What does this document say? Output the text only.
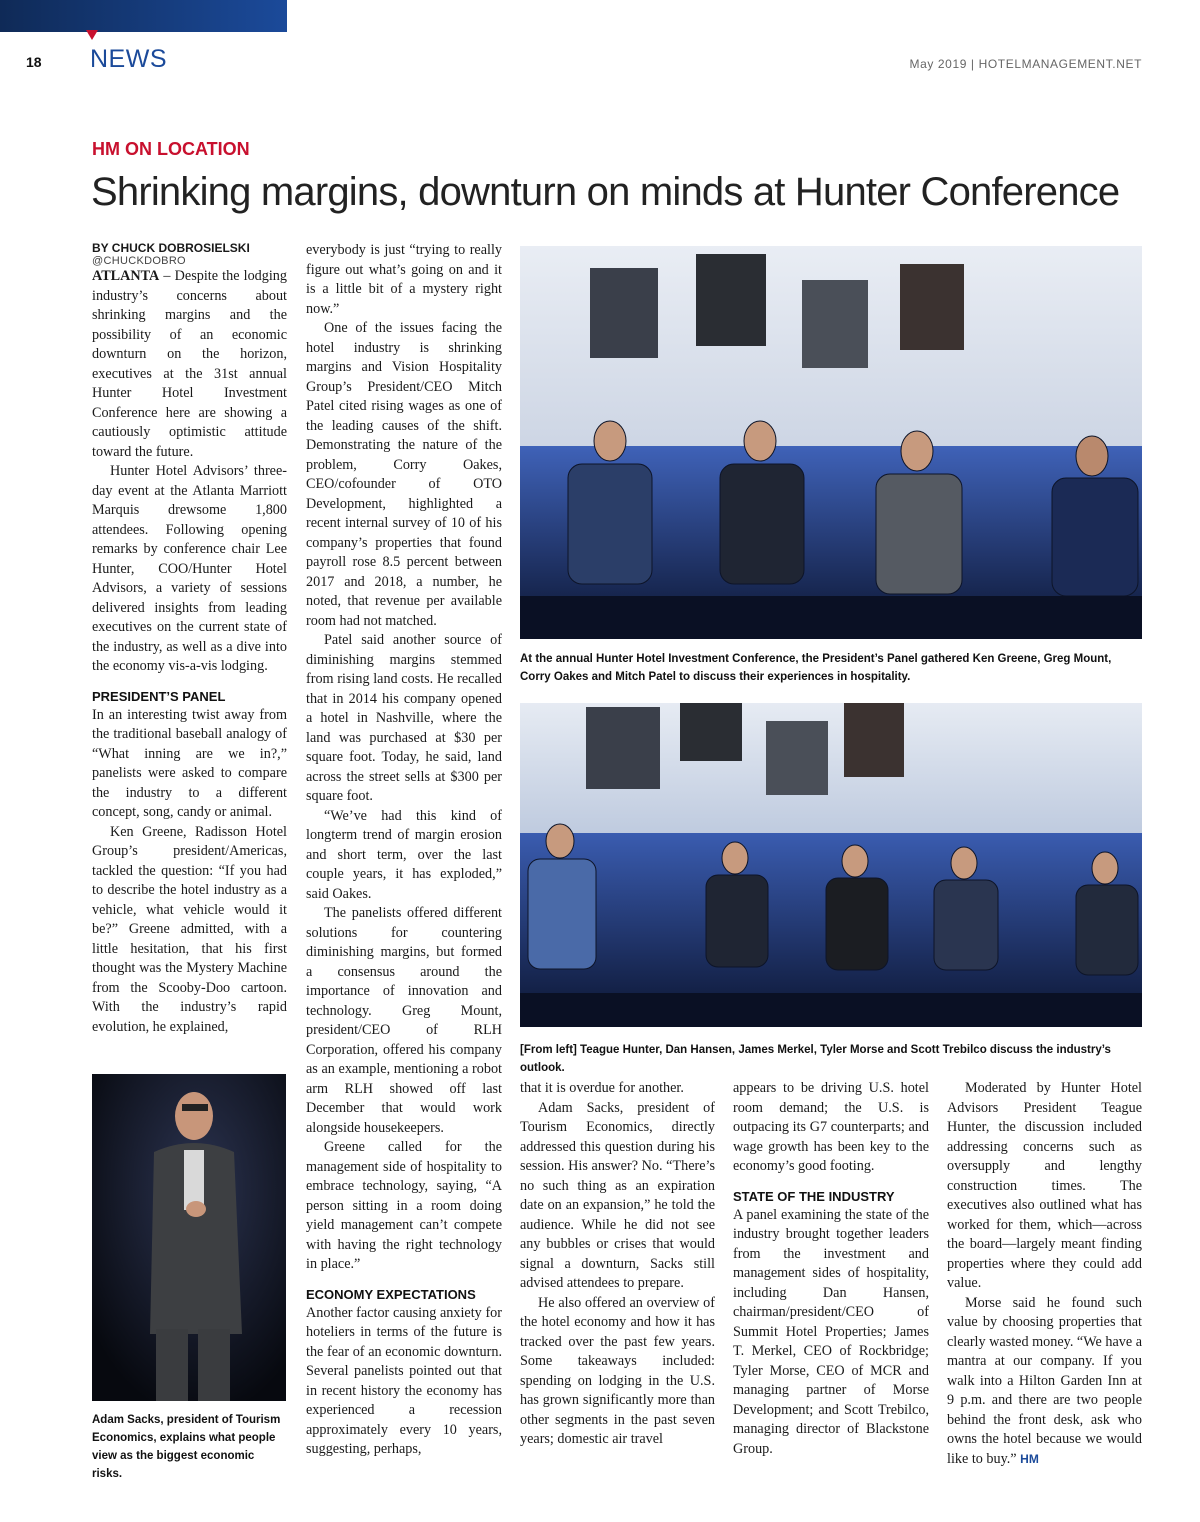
18 NEWS	May 2019 | HOTELMANAGEMENT.NET
HM ON LOCATION
Shrinking margins, downturn on minds at Hunter Conference

BY CHUCK DOBROSIELSKI

@CHUCKDOBRO

ATLANTA – Despite the lodging industry’s concerns about shrinking margins and the possibility of an economic downturn on the horizon, executives at the 31st annual Hunter Hotel Investment Conference here are showing a cautiously optimistic attitude toward the future.

Hunter Hotel Advisors’ three-day event at the Atlanta Marriott Marquis drewsome 1,800 attendees. Following opening remarks by conference chair Lee Hunter, COO/Hunter Hotel Advisors, a variety of sessions delivered insights from leading executives on the current state of the industry, as well as a dive into the economy vis-a-vis lodging.

PRESIDENT’S PANEL

In an interesting twist away from the traditional baseball analogy of “What inning are we in?,” panelists were asked to compare the industry to a different concept, song, candy or animal.

Ken Greene, Radisson Hotel Group’s president/Americas, tackled the question: “If you had to describe the hotel industry as a vehicle, what vehicle would it be?” Greene admitted, with a little hesitation, that his first thought was the Mystery Machine from the Scooby-Doo cartoon. With the industry’s rapid evolution, he explained,

everybody is just “trying to really figure out what’s going on and it is a little bit of a mystery right now.”

One of the issues facing the hotel industry is shrinking margins and Vision Hospitality Group’s President/CEO Mitch Patel cited rising wages as one of the leading causes of the shift. Demonstrating the nature of the problem, Corry Oakes, CEO/cofounder of OTO Development, highlighted a recent internal survey of 10 of his company’s properties that found payroll rose 8.5 percent between 2017 and 2018, a number, he noted, that revenue per available room had not matched.

Patel said another source of diminishing margins stemmed from rising land costs. He recalled that in 2014 his company opened a hotel in Nashville, where the land was purchased at $30 per square foot. Today, he said, land across the street sells at $300 per square foot.

“We’ve had this kind of longterm trend of margin erosion and short term, over the last couple years, it has exploded,” said Oakes.

The panelists offered different solutions for countering diminishing margins, but formed a consensus around the importance of innovation and technology. Greg Mount, president/CEO of RLH Corporation, offered his company as an example, mentioning a robot arm RLH showed off last December that would work alongside housekeepers.

Greene called for the management side of hospitality to embrace technology, saying, “A person sitting in a room doing yield management can’t compete with having the right technology in place.”

ECONOMY EXPECTATIONS

Another factor causing anxiety for hoteliers in terms of the future is the fear of an economic downturn. Several panelists pointed out that in recent history the economy has experienced a recession approximately every 10 years, suggesting, perhaps,

that it is overdue for another.

Adam Sacks, president of Tourism Economics, directly addressed this question during his session. His answer? No. “There’s no such thing as an expiration date on an expansion,” he told the audience. While he did not see any bubbles or crises that would signal a downturn, Sacks still advised attendees to prepare.

He also offered an overview of the hotel economy and how it has tracked over the past few years. Some takeaways included: spending on lodging in the U.S. has grown significantly more than other segments in the past seven years; domestic air travel

appears to be driving U.S. hotel room demand; the U.S. is outpacing its G7 counterparts; and wage growth has been key to the economy’s good footing.

STATE OF THE INDUSTRY

A panel examining the state of the industry brought together leaders from the investment and management sides of hospitality, including Dan Hansen, chairman/president/CEO of Summit Hotel Properties; James T. Merkel, CEO of Rockbridge; Tyler Morse, CEO of MCR and managing partner of Morse Development; and Scott Trebilco, managing director of Blackstone Group.

Moderated by Hunter Hotel Advisors President Teague Hunter, the discussion included addressing concerns such as oversupply and lengthy construction times. The executives also outlined what has worked for them, which—across the board—largely meant finding properties where they could add value.

Morse said he found such value by choosing properties that clearly wasted money. “We have a mantra at our company. If you walk into a Hilton Garden Inn at 9 p.m. and there are two people behind the front desk, ask who owns the hotel because we would like to buy.” HM

At the annual Hunter Hotel Investment Conference, the President’s Panel gathered Ken Greene, Greg Mount, Corry Oakes and Mitch Patel to discuss their experiences in hospitality.
[From left] Teague Hunter, Dan Hansen, James Merkel, Tyler Morse and Scott Trebilco discuss the industry’s outlook.
Adam Sacks, president of Tourism Economics, explains what people view as the biggest economic risks.
